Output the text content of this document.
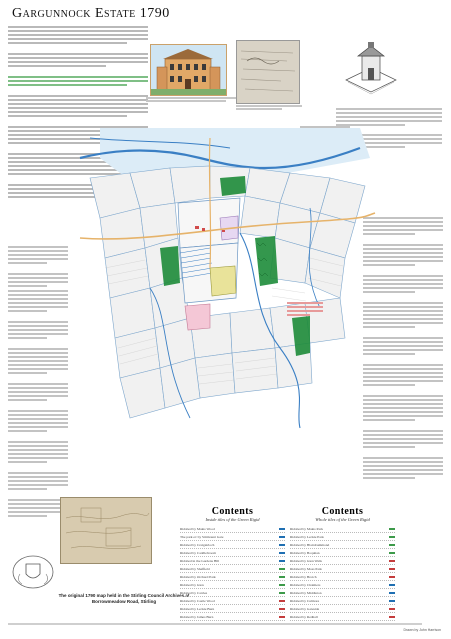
Gargunnock Estate 1790
The original 1790 map held in the Stirling Council Archives at Borrowmeadow Road, Stirling
Contents
Inside tiles of the Green Rigid
Ridabed by Mains Wood
The park ev by Stirmount Gate
Ridabed by Craigairloch
Ridabed by Caddlebroom
Ridabed in the Gardens Hill
Ridabed by Shaffield
Ridabed by Orchard Park
Ridabed by Glen
Ridabed by Carrlee
Ridabed by Castle Wood
Ridabed by Leckie Burn
Ridabed by James Burn
Contents
Whole tiles of the Green Rigid
Ridabed by Mains Park
Ridabed by Leckie Park
Ridabed by Blairdrummond
Ridabed by Boquhan
Ridabed by Glen Walk
Ridabed by Moss Park
Ridabed by Broich
Ridabed by Chalmers
Ridabed by Middleton
Ridabed by Culmore
Ridabed by Gateside
Ridabed by Redhall
Drawn by John Harrison
